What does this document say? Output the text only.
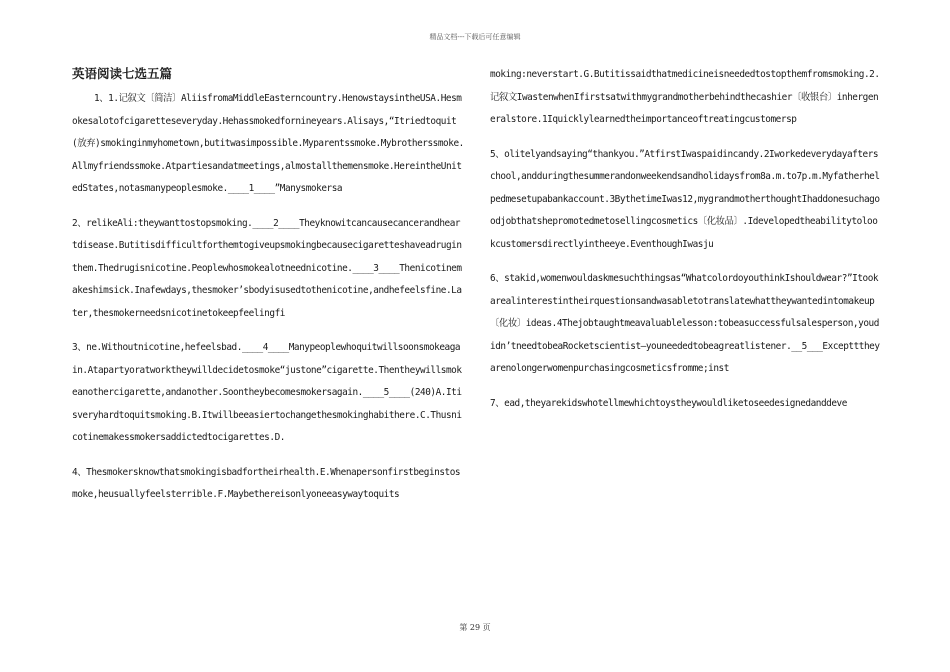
精品文档---下载后可任意编辑
英语阅读七选五篇

1、1.记叙文〔简洁〕AliisfromaMiddleEasterncountry.HenowstaysintheUSA.Hesmokesalotofcigaretteseveryday.Hehassmokedfornineyears.Alisays,“Itriedtoquit(放弃)smokinginmyhometown,butitwasimpossible.Myparentssmoke.Mybrotherssmoke.Allmyfriendssmoke.Atpartiesandatmeetings,almostallthemensmoke.HereintheUnitedStates,notasmanypeoplesmoke.____1____”Manysmokersa

2、relikeAli:theywanttostopsmoking.____2____Theyknowitcancausecancerandheartdisease.Butitisdifficultforthemtogiveupsmokingbecausecigaretteshaveadrugin them.Thedrugisnicotine.Peoplewhosmokealotneednicotine.____3____Thenicotinemakeshimsick.Inafewdays,thesmoker’sbodyisusedtothenicotine,andhefeelsfine.Later,thesmokerneedsnicotinetokeepfeelingfi

3、ne.Withoutnicotine,hefeelsbad.____4____Manypeoplewhoquitwillsoonsmokeagain.Atapartyoratworktheywilldecidetosmoke“justone”cigarette.Thentheywillsmokeanothercigarette,andanother.Soontheybecomesmokersagain.____5____(240)A.Itisveryhardtoquitsmoking.B.Itwillbeeasiertochangethesmokinghabithere.C.Thusnicotinemakessmokersaddictedtocigarettes.D.

4、Thesmokersknowthatsmokingisbadfortheirhealth.E.Whenapersonfirstbeginstosmoke,heusuallyfeelsterrible.F.Maybethereisonlyoneeasywaytoquits

moking:neverstart.G.Butitissaidthatmedicineisneededtostopthemfromsmoking.2.记叙文IwastenwhenIfirstsatwithmygrandmotherbehindthecashier〔收银台〕inhergeneralstore.1Iquicklylearnedtheimportanceoftreatingcustomersp

5、olitelyandsaying“thankyou.”AtfirstIwaspaidincandy.2Iworkedeverydayafterschool,andduringthesummerandonweekendsandholidaysfrom8a.m.to7p.m.Myfatherhelpedmesetupabankaccount.3BythetimeIwas12,mygrandmotherthoughtIhaddonesuchagoodjobthatshepromotedmetosellingcosmetics〔化妆品〕.Idevelopedtheabilitytolookcustomersdirectlyintheeye.EventhoughIwasju

6、stakid,womenwouldaskmesuchthingsas“WhatcolordoyouthinkIshouldwear?”Itookarealinterestintheirquestionsandwasabletotranslatewhattheywantedintomakeup〔化妆〕ideas.4Thejobtaughtmeavaluablelesson:tobeasuccessfulsalesperson,youdidn’tneedtobeaRocketscientist—youneededtobeagreatlistener.__5___Exceptttheyarenolongerwomenpurchasingcosmeticsfromme;inst

7、ead,theyarekidswhotellmewhichtoystheywouldliketoseedesignedanddeve

第 29 页
